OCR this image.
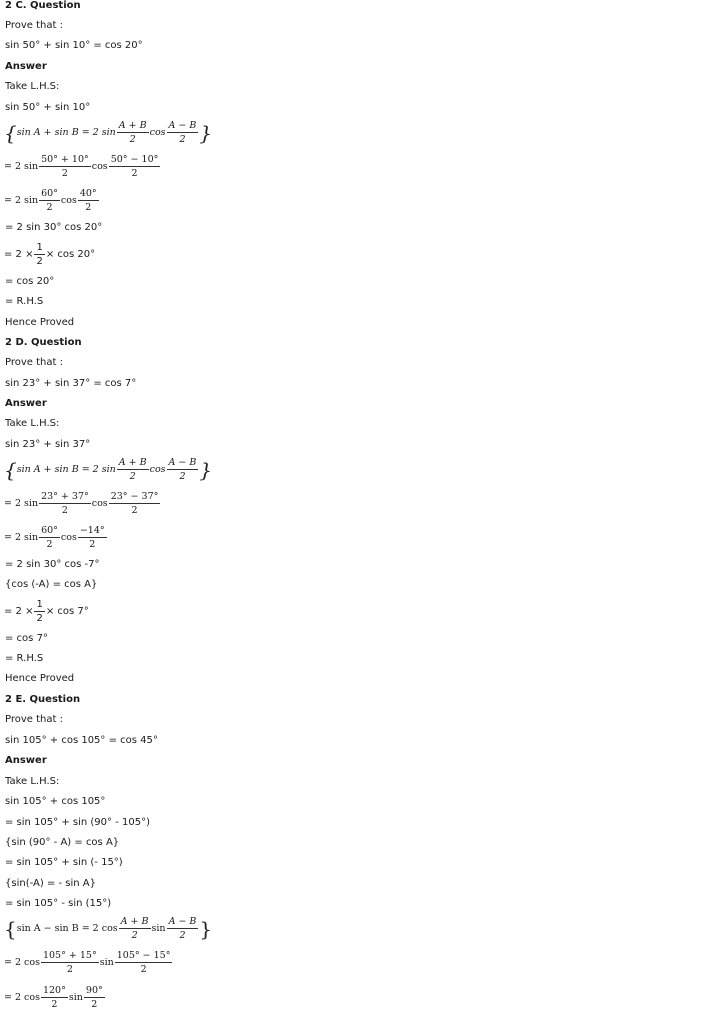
2 C. Question
Prove that :
sin 50° + sin 10° = cos 20°
Answer
Take L.H.S:
sin 50° + sin 10°
{ sin A + sin B = 2 $\sin \frac{A + B}{2}$ $\cos \frac{A - B}{2}$ }
= 2 $\sin \frac{50^\circ + 10^\circ}{2}$ $\cos \frac{50^\circ - 10^\circ}{2}$
= 2 $\sin \frac{60^\circ}{2}$ $\cos \frac{40^\circ}{2}$
= 2 sin 30° cos 20°
= $2 \times \frac{1}{2} \times \cos 20^\circ$
= cos 20°
= R.H.S
Hence Proved
2 D. Question
Prove that :
sin 23° + sin 37° = cos 7°
Answer
Take L.H.S:
sin 23° + sin 37°
{ sin A + sin B = 2 $\sin \frac{A + B}{2}$ $\cos \frac{A - B}{2}$ }
= 2 $\sin \frac{23^\circ + 37^\circ}{2}$ $\cos \frac{23^\circ - 37^\circ}{2}$
= 2 $\sin \frac{60^\circ}{2}$ $\cos \frac{-14^\circ}{2}$
= 2 sin 30° cos -7°
{cos (-A) = cos A}
= $2 \times \frac{1}{2} \times \cos 7^\circ$
= cos 7°
= R.H.S
Hence Proved
2 E. Question
Prove that :
sin 105° + cos 105° = cos 45°
Answer
Take L.H.S:
sin 105° + cos 105°
= sin 105° + sin (90° - 105°)
{sin (90° - A) = cos A}
= sin 105° + sin (- 15°)
{sin(-A) = - sin A}
= sin 105° - sin (15°)
{ sin A − sin B = 2 $\cos \frac{A + B}{2}$ $\sin \frac{A - B}{2}$ }
= 2 $\cos \frac{105^\circ + 15^\circ}{2}$ $\sin \frac{105^\circ - 15^\circ}{2}$
= 2 $\cos \frac{120^\circ}{2}$ $\sin \frac{90^\circ}{2}$
